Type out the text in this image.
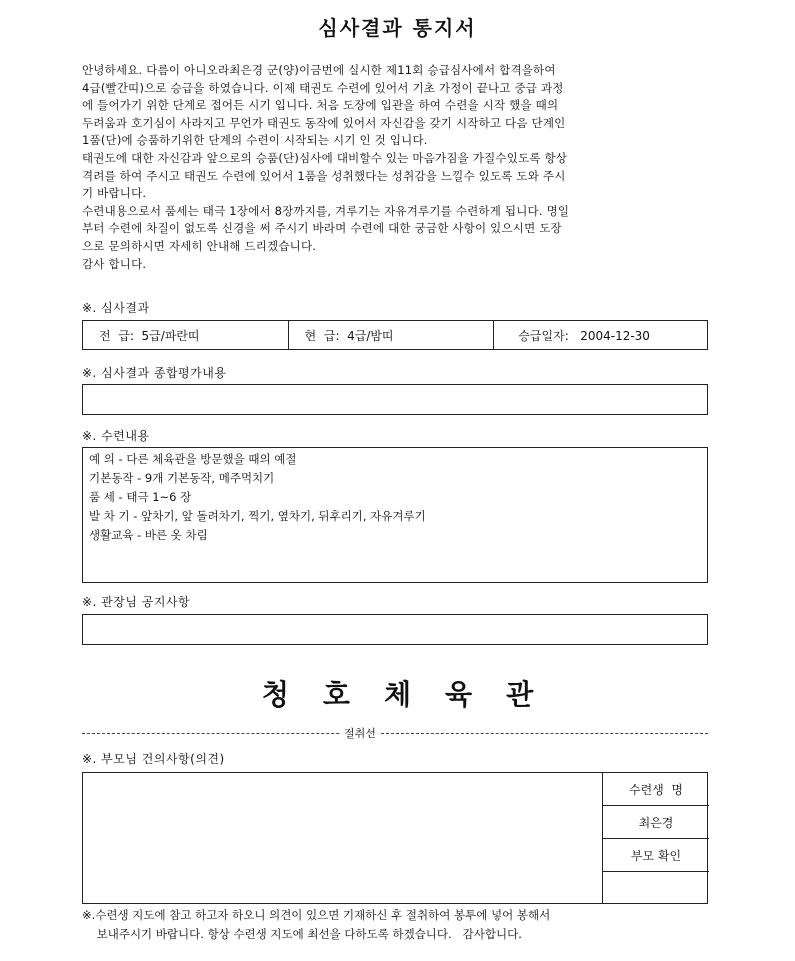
심사결과 통지서
안녕하세요. 다름이 아니오라최은경 군(양)이금번에 실시한 제11회 승급심사에서 합격을하여
4급(빨간띠)으로 승급을 하였습니다. 이제 태권도 수련에 있어서 기초 가정이 끝나고 중급 과정
에 들어가기 위한 단계로 접어든 시기 입니다. 처음 도장에 입관을 하여 수련을 시작 했을 때의
두려움과 호기심이 사라지고 무언가 태권도 동작에 있어서 자신감을 갖기 시작하고 다음 단계인
1품(단)에 승품하기위한 단계의 수련이 시작되는 시기 인 것 입니다.
태권도에 대한 자신감과 앞으로의 승품(단)심사에 대비할수 있는 마음가짐을 가질수있도록 항상
격려를 하여 주시고 태권도 수련에 있어서 1품을 성취했다는 성취감을 느낄수 있도록 도와 주시
기 바랍니다.
수련내용으로서 품세는 태극 1장에서 8장까지를, 겨루기는 자유겨루기를 수련하게 됩니다. 명일
부터 수련에 차질이 없도록 신경을 써 주시기 바라며 수련에 대한 궁금한 사항이 있으시면 도장
으로 문의하시면 자세히 안내해 드리겠습니다.
감사 합니다.
※. 심사결과
전  급:  5급/파란띠	현  급:  4급/밤띠	승급일자:   2004-12-30
※. 심사결과 종합평가내용
※. 수련내용
예 의 - 다른 체육관을 방문했을 때의 예절
기본동작 - 9개 기본동작, 메주먹치기
품 세 - 태극 1~6 장
발 차 기 - 앞차기, 앞 돌려차기, 찍기, 옆차기, 뒤후리기, 자유겨루기
생활교육 - 바른 옷 차림
※. 관장님 공지사항
청호체육관
절취선
※. 부모님 건의사항(의견)
수련생  명
최은경
부모 확인
※.수련생 지도에 참고 하고자 하오니 의견이 있으면 기재하신 후 절취하여 봉투에 넣어 봉해서
보내주시기 바랍니다. 항상 수련생 지도에 최선을 다하도록 하겠습니다.   감사합니다.
